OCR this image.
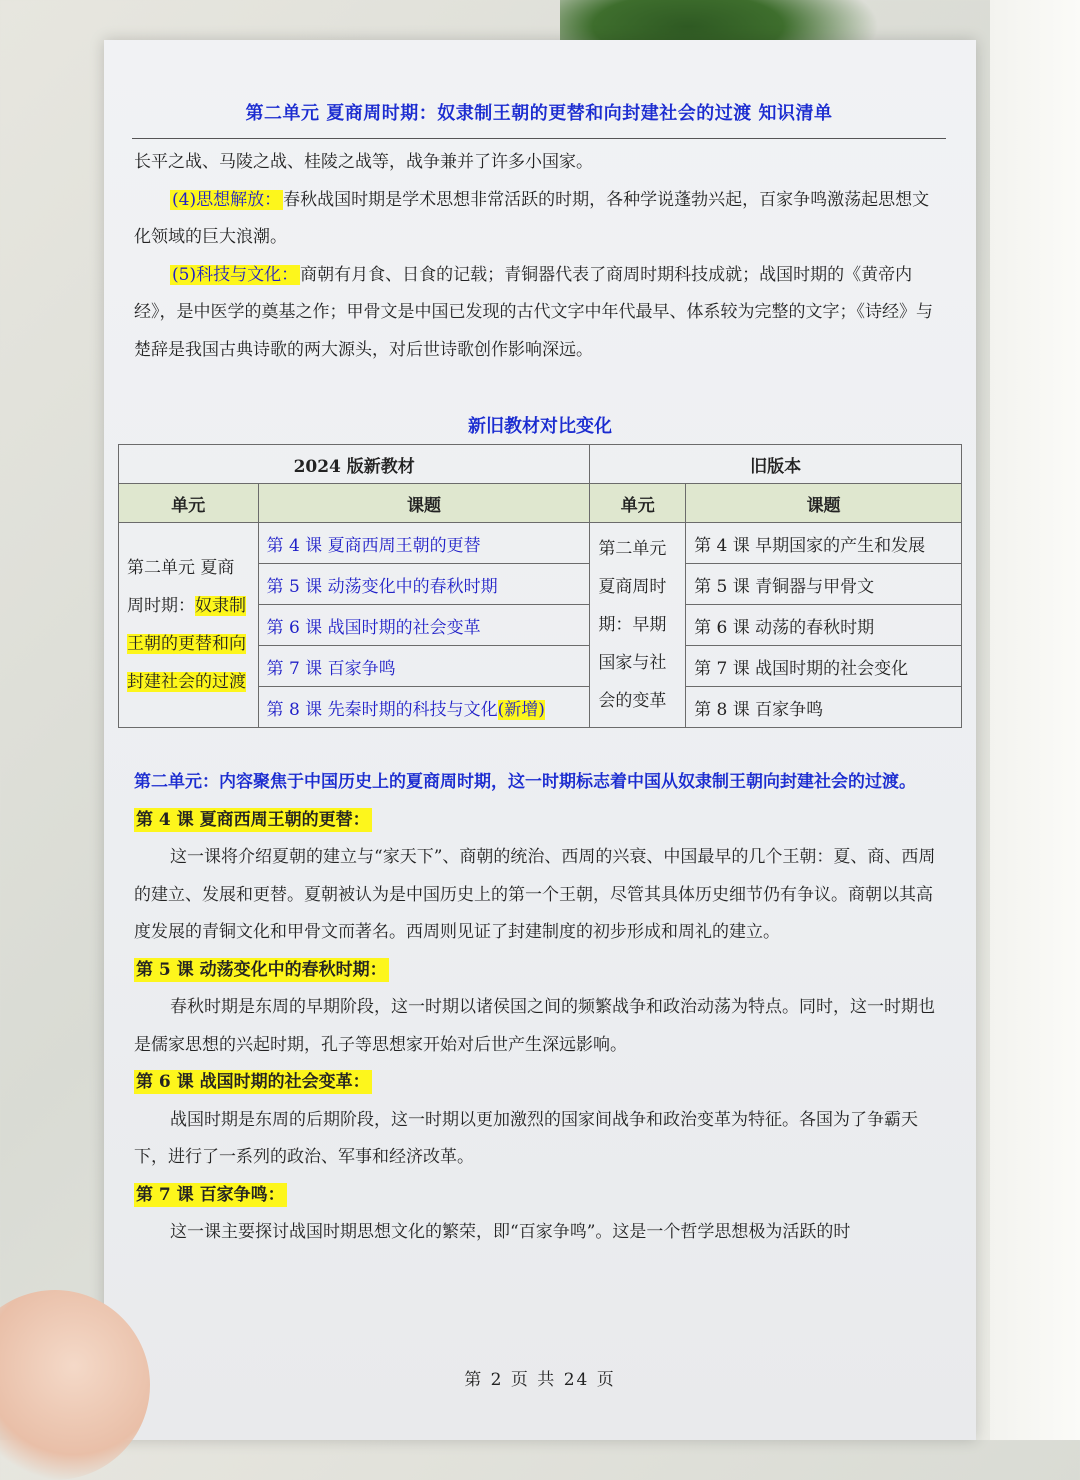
第二单元 夏商周时期：奴隶制王朝的更替和向封建社会的过渡 知识清单

长平之战、马陵之战、桂陵之战等，战争兼并了许多小国家。

(4)思想解放： 春秋战国时期是学术思想非常活跃的时期，各种学说蓬勃兴起，百家争鸣激荡起思想文化领域的巨大浪潮。

(5)科技与文化： 商朝有月食、日食的记载；青铜器代表了商周时期科技成就；战国时期的《黄帝内经》，是中医学的奠基之作；甲骨文是中国已发现的古代文字中年代最早、体系较为完整的文字；《诗经》与楚辞是我国古典诗歌的两大源头，对后世诗歌创作影响深远。

新旧教材对比变化
2024 版新教材		旧版本	
单元	课题	单元	课题
第二单元 夏商周时期：奴隶制王朝的更替和向封建社会的过渡	第 4 课 夏商西周王朝的更替	第二单元夏商周时期：早期国家与社会的变革	第 4 课 早期国家的产生和发展
	第 5 课 动荡变化中的春秋时期		第 5 课 青铜器与甲骨文
	第 6 课 战国时期的社会变革		第 6 课 动荡的春秋时期
	第 7 课 百家争鸣		第 7 课 战国时期的社会变化
	第 8 课 先秦时期的科技与文化(新增)		第 8 课 百家争鸣

第二单元：内容聚焦于中国历史上的夏商周时期，这一时期标志着中国从奴隶制王朝向封建社会的过渡。

第 4 课 夏商西周王朝的更替：

这一课将介绍夏朝的建立与“家天下”、商朝的统治、西周的兴衰、中国最早的几个王朝：夏、商、西周的建立、发展和更替。夏朝被认为是中国历史上的第一个王朝，尽管其具体历史细节仍有争议。商朝以其高度发展的青铜文化和甲骨文而著名。西周则见证了封建制度的初步形成和周礼的建立。

第 5 课 动荡变化中的春秋时期：

春秋时期是东周的早期阶段，这一时期以诸侯国之间的频繁战争和政治动荡为特点。同时，这一时期也是儒家思想的兴起时期，孔子等思想家开始对后世产生深远影响。

第 6 课 战国时期的社会变革：

战国时期是东周的后期阶段，这一时期以更加激烈的国家间战争和政治变革为特征。各国为了争霸天下，进行了一系列的政治、军事和经济改革。

第 7 课 百家争鸣：

这一课主要探讨战国时期思想文化的繁荣，即“百家争鸣”。这是一个哲学思想极为活跃的时

第 2 页 共 24 页
